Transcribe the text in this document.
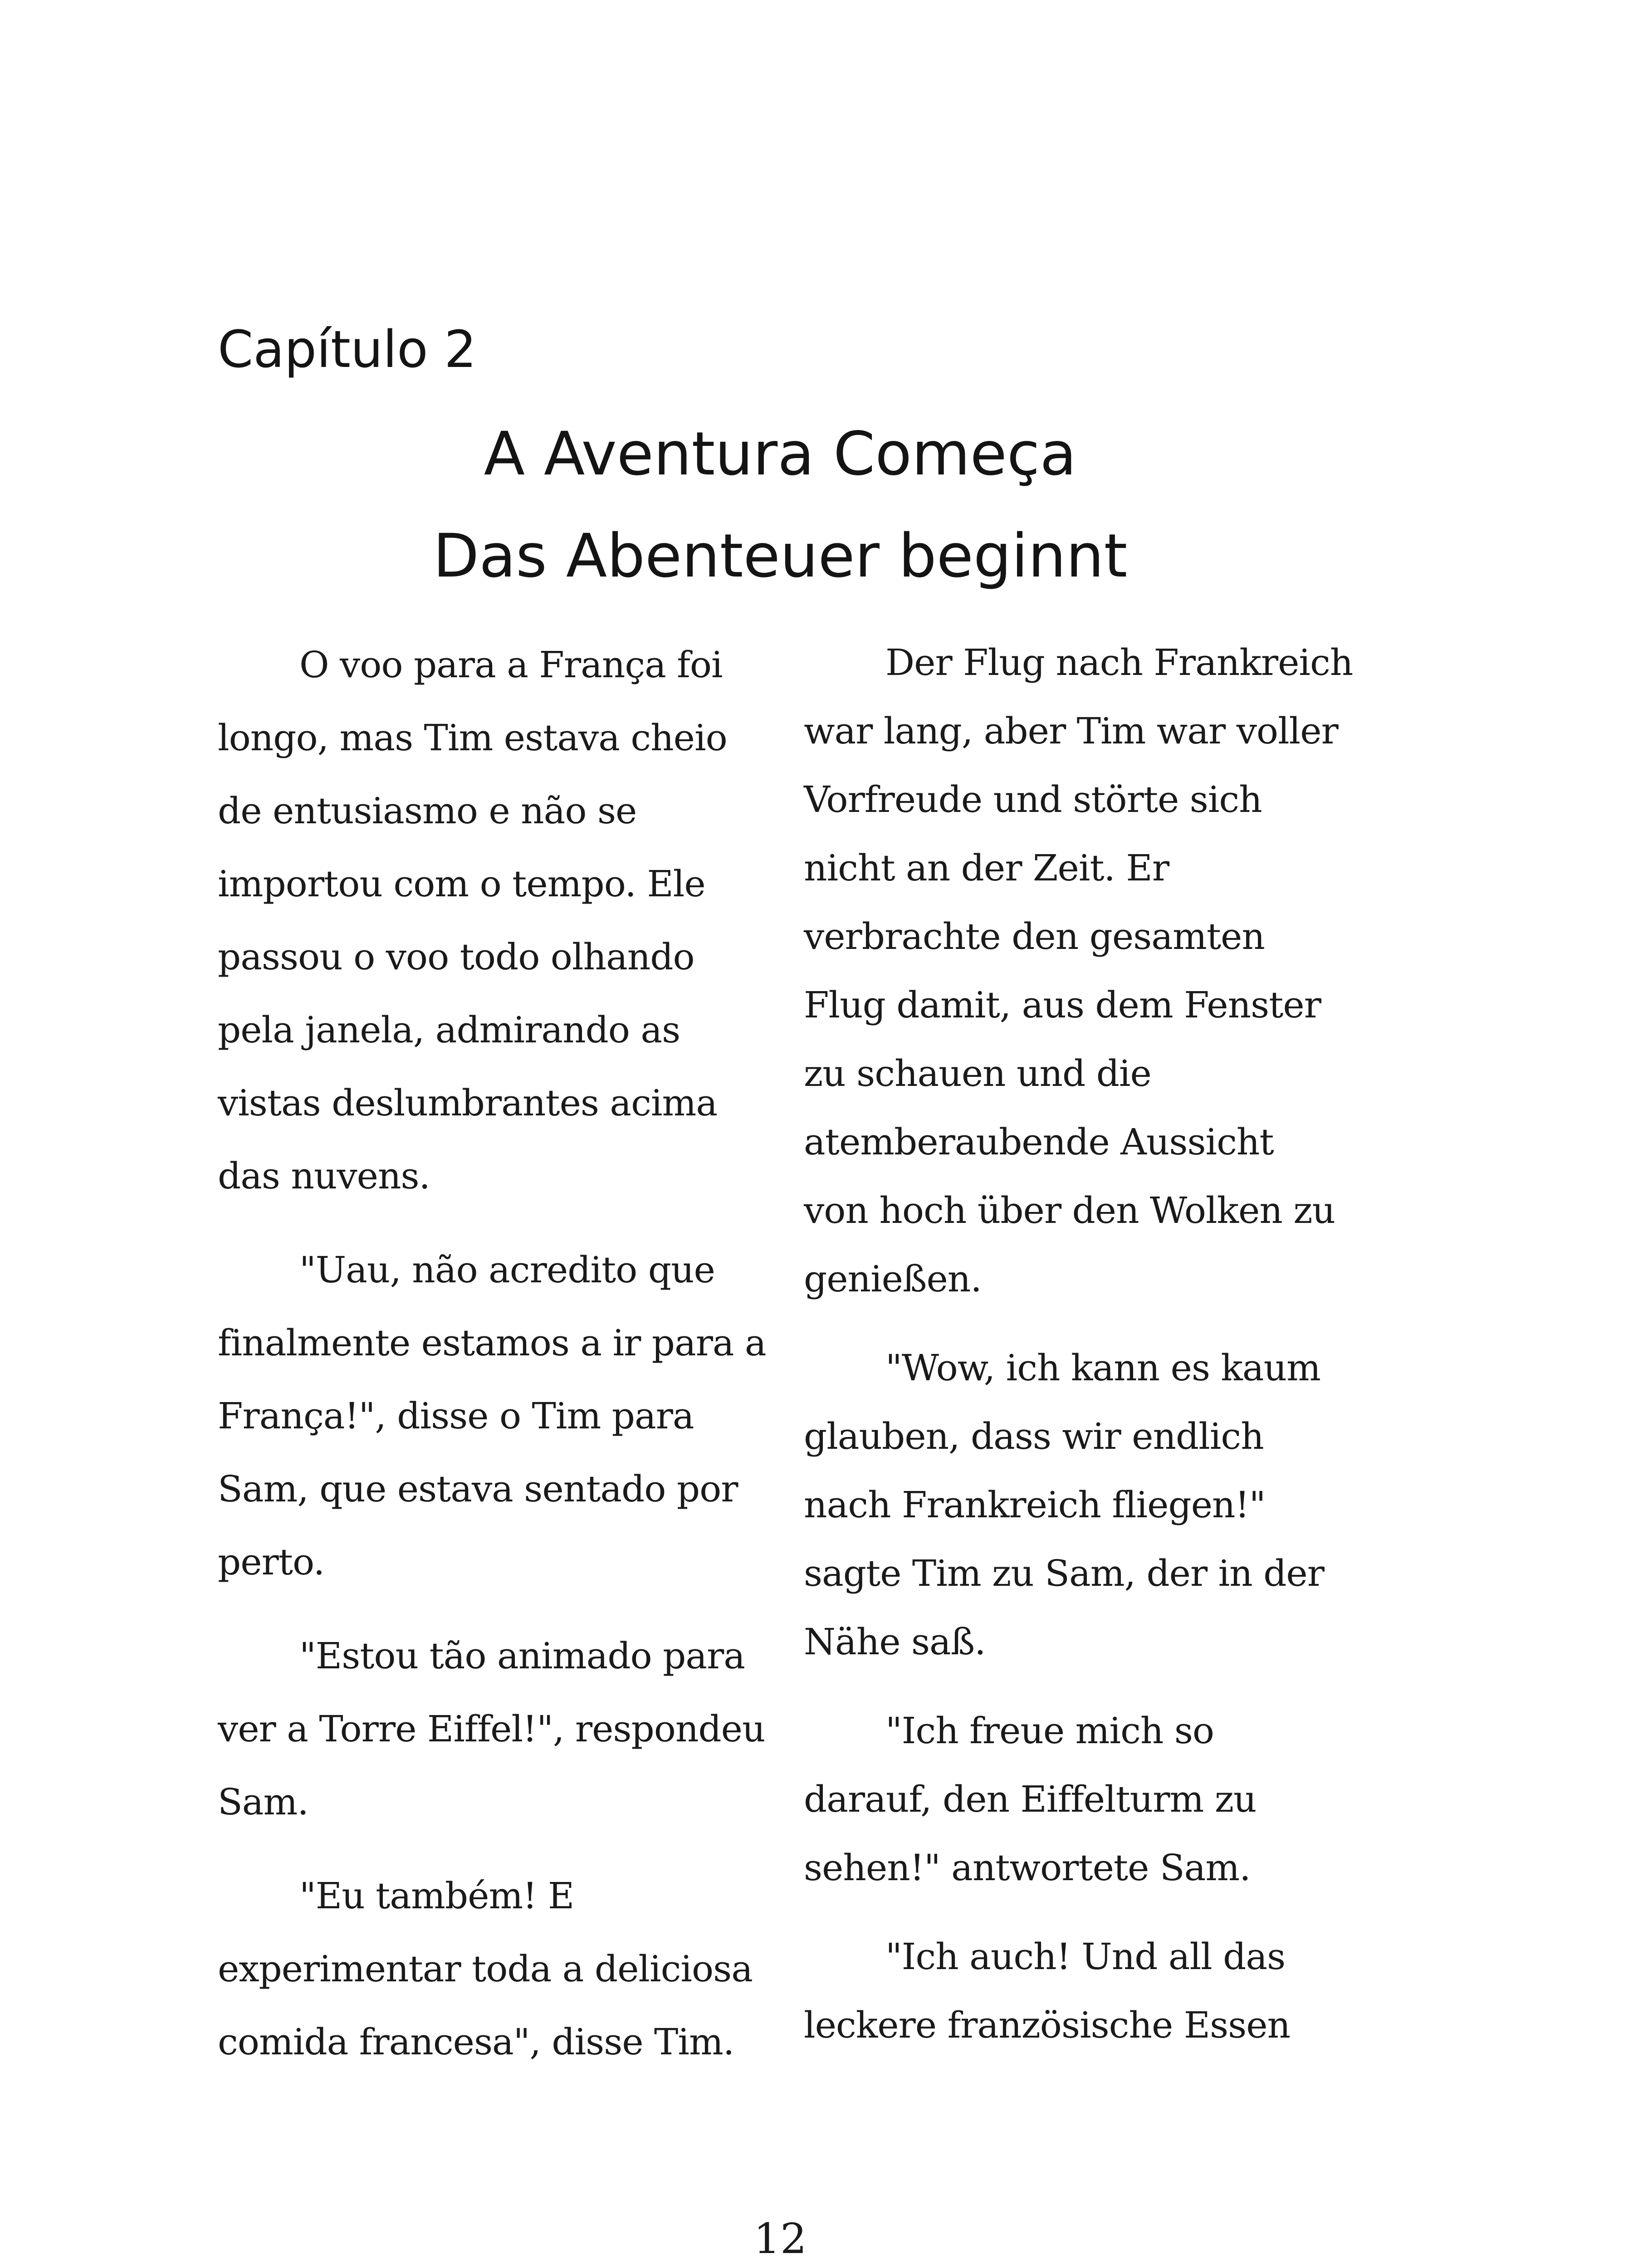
Capítulo 2
A Aventura Começa
Das Abenteuer beginnt

O voo para a França foi
longo, mas Tim estava cheio
de entusiasmo e não se
importou com o tempo. Ele
passou o voo todo olhando
pela janela, admirando as
vistas deslumbrantes acima
das nuvens.

"Uau, não acredito que
finalmente estamos a ir para a
França!", disse o Tim para
Sam, que estava sentado por
perto.

"Estou tão animado para
ver a Torre Eiffel!", respondeu
Sam.

"Eu também! E
experimentar toda a deliciosa
comida francesa", disse Tim.

Der Flug nach Frankreich
war lang, aber Tim war voller
Vorfreude und störte sich
nicht an der Zeit. Er
verbrachte den gesamten
Flug damit, aus dem Fenster
zu schauen und die
atemberaubende Aussicht
von hoch über den Wolken zu
genießen.

"Wow, ich kann es kaum
glauben, dass wir endlich
nach Frankreich fliegen!"
sagte Tim zu Sam, der in der
Nähe saß.

"Ich freue mich so
darauf, den Eiffelturm zu
sehen!" antwortete Sam.

"Ich auch! Und all das
leckere französische Essen

12
